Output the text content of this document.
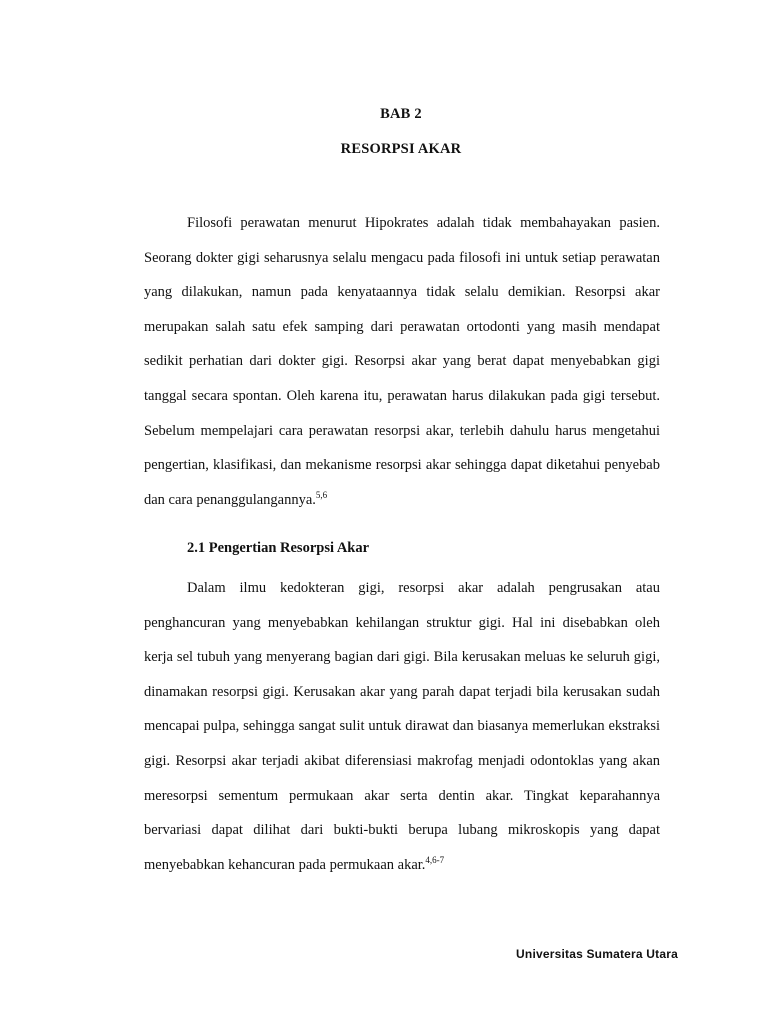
BAB 2
RESORPSI AKAR

Filosofi perawatan menurut Hipokrates adalah tidak membahayakan pasien. Seorang dokter gigi seharusnya selalu mengacu pada filosofi ini untuk setiap perawatan yang dilakukan, namun pada kenyataannya tidak selalu demikian. Resorpsi akar merupakan salah satu efek samping dari perawatan ortodonti yang masih mendapat sedikit perhatian dari dokter gigi. Resorpsi akar yang berat dapat menyebabkan gigi tanggal secara spontan. Oleh karena itu, perawatan harus dilakukan pada gigi tersebut. Sebelum mempelajari cara perawatan resorpsi akar, terlebih dahulu harus mengetahui pengertian, klasifikasi, dan mekanisme resorpsi akar sehingga dapat diketahui penyebab dan cara penanggulangannya.$^{5,6}$

2.1 Pengertian Resorpsi Akar

Dalam ilmu kedokteran gigi, resorpsi akar adalah pengrusakan atau penghancuran yang menyebabkan kehilangan struktur gigi. Hal ini disebabkan oleh kerja sel tubuh yang menyerang bagian dari gigi. Bila kerusakan meluas ke seluruh gigi, dinamakan resorpsi gigi. Kerusakan akar yang parah dapat terjadi bila kerusakan sudah mencapai pulpa, sehingga sangat sulit untuk dirawat dan biasanya memerlukan ekstraksi gigi. Resorpsi akar terjadi akibat diferensiasi makrofag menjadi odontoklas yang akan meresorpsi sementum permukaan akar serta dentin akar. Tingkat keparahannya bervariasi dapat dilihat dari bukti-bukti berupa lubang mikroskopis yang dapat menyebabkan kehancuran pada permukaan akar.$^{4,6-7}$

Universitas Sumatera Utara
